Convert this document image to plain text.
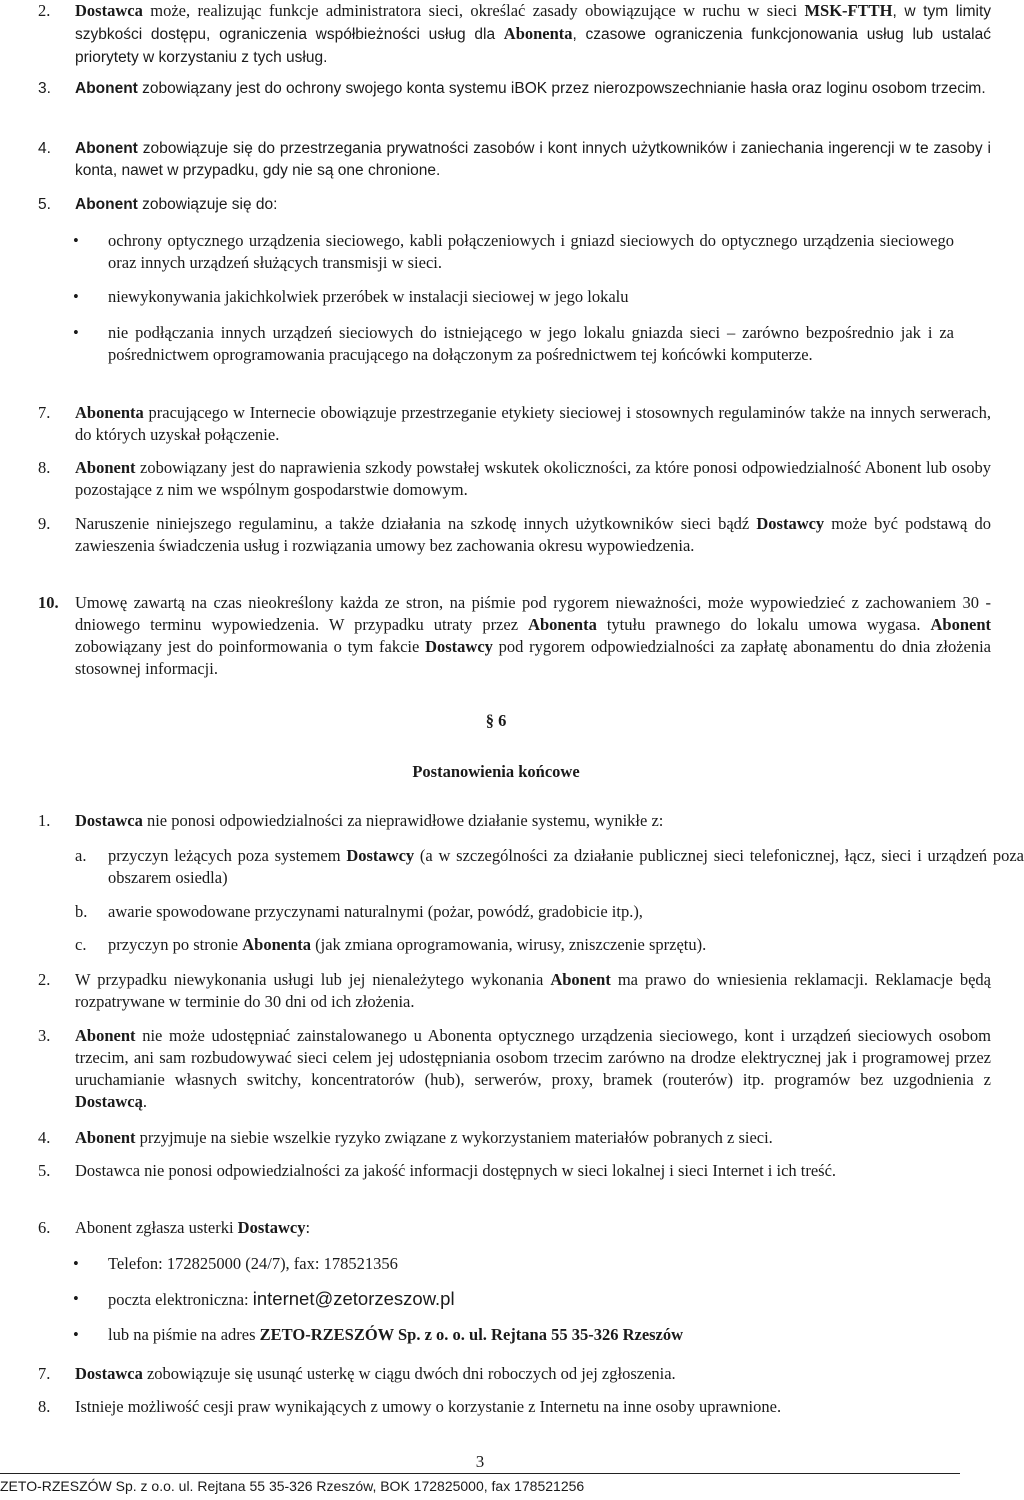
2. Dostawca może, realizując funkcje administratora sieci, określać zasady obowiązujące w ruchu w sieci MSK-FTTH, w tym limity szybkości dostępu, ograniczenia współbieżności usług dla Abonenta, czasowe ograniczenia funkcjonowania usług lub ustalać priorytety w korzystaniu z tych usług.
3. Abonent zobowiązany jest do ochrony swojego konta systemu iBOK przez nierozpowszechnianie hasła oraz loginu osobom trzecim.
4. Abonent zobowiązuje się do przestrzegania prywatności zasobów i kont innych użytkowników i zaniechania ingerencji w te zasoby i konta, nawet w przypadku, gdy nie są one chronione.
5. Abonent zobowiązuje się do:
• ochrony optycznego urządzenia sieciowego, kabli połączeniowych i gniazd sieciowych do optycznego urządzenia sieciowego oraz innych urządzeń służących transmisji w sieci.
• niewykonywania jakichkolwiek przeróbek w instalacji sieciowej w jego lokalu
• nie podłączania innych urządzeń sieciowych do istniejącego w jego lokalu gniazda sieci – zarówno bezpośrednio jak i za pośrednictwem oprogramowania pracującego na dołączonym za pośrednictwem tej końcówki komputerze.
7. Abonenta pracującego w Internecie obowiązuje przestrzeganie etykiety sieciowej i stosownych regulaminów także na innych serwerach, do których uzyskał połączenie.
8. Abonent zobowiązany jest do naprawienia szkody powstałej wskutek okoliczności, za które ponosi odpowiedzialność Abonent lub osoby pozostające z nim we wspólnym gospodarstwie domowym.
9. Naruszenie niniejszego regulaminu, a także działania na szkodę innych użytkowników sieci bądź Dostawcy może być podstawą do zawieszenia świadczenia usług i rozwiązania umowy bez zachowania okresu wypowiedzenia.
10. Umowę zawartą na czas nieokreślony każda ze stron, na piśmie pod rygorem nieważności, może wypowiedzieć z zachowaniem 30 - dniowego terminu wypowiedzenia. W przypadku utraty przez Abonenta tytułu prawnego do lokalu umowa wygasa. Abonent zobowiązany jest do poinformowania o tym fakcie Dostawcy pod rygorem odpowiedzialności za zapłatę abonamentu do dnia złożenia stosownej informacji.
§ 6
Postanowienia końcowe
1. Dostawca nie ponosi odpowiedzialności za nieprawidłowe działanie systemu, wynikłe z:
a. przyczyn leżących poza systemem Dostawcy (a w szczególności za działanie publicznej sieci telefonicznej, łącz, sieci i urządzeń poza obszarem osiedla)
b. awarie spowodowane przyczynami naturalnymi (pożar, powódź, gradobicie itp.),
c. przyczyn po stronie Abonenta (jak zmiana oprogramowania, wirusy, zniszczenie sprzętu).
2. W przypadku niewykonania usługi lub jej nienależytego wykonania Abonent ma prawo do wniesienia reklamacji. Reklamacje będą rozpatrywane w terminie do 30 dni od ich złożenia.
3. Abonent nie może udostępniać zainstalowanego u Abonenta optycznego urządzenia sieciowego, kont i urządzeń sieciowych osobom trzecim, ani sam rozbudowywać sieci celem jej udostępniania osobom trzecim zarówno na drodze elektrycznej jak i programowej przez uruchamianie własnych switchy, koncentratorów (hub), serwerów, proxy, bramek (routerów) itp. programów bez uzgodnienia z Dostawcą.
4. Abonent przyjmuje na siebie wszelkie ryzyko związane z wykorzystaniem materiałów pobranych z sieci.
5. Dostawca nie ponosi odpowiedzialności za jakość informacji dostępnych w sieci lokalnej i sieci Internet i ich treść.
6. Abonent zgłasza usterki Dostawcy:
• Telefon: 172825000 (24/7), fax: 178521356
• poczta elektroniczna: internet@zetorzeszow.pl
• lub na piśmie na adres ZETO-RZESZÓW Sp. z o. o. ul. Rejtana 55 35-326 Rzeszów
7. Dostawca zobowiązuje się usunąć usterkę w ciągu dwóch dni roboczych od jej zgłoszenia.
8. Istnieje możliwość cesji praw wynikających z umowy o korzystanie z Internetu na inne osoby uprawnione.
3
ZETO-RZESZÓW Sp. z o.o. ul. Rejtana 55 35-326 Rzeszów, BOK 172825000, fax 178521256
